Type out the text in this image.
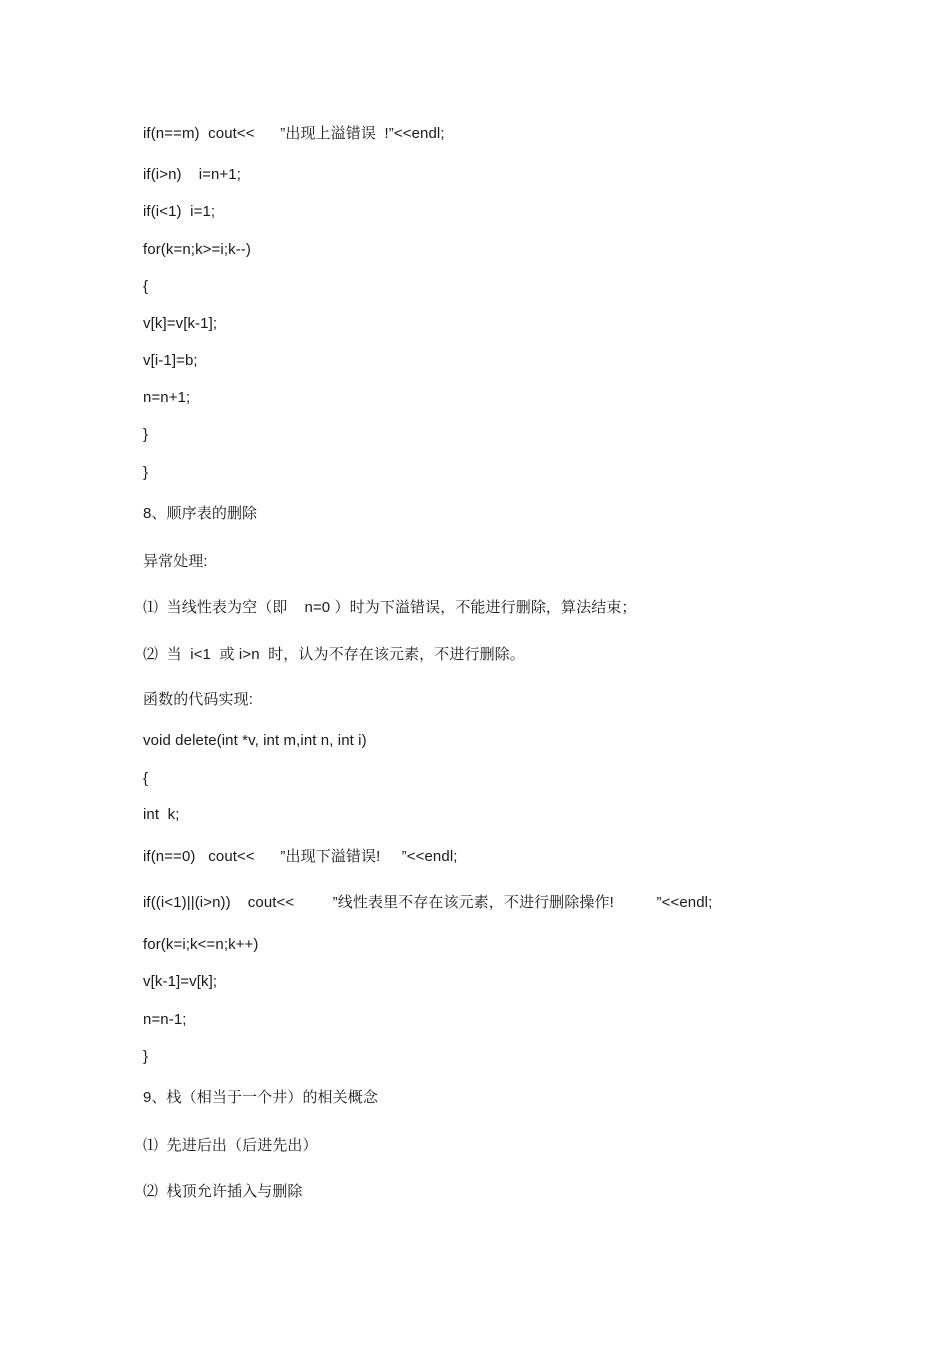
if(n==m)  cout<<      ”出现上溢错误  !”<<endl;
if(i>n)    i=n+1;
if(i<1)  i=1;
for(k=n;k>=i;k--)
{
v[k]=v[k-1];
v[i-1]=b;
n=n+1;
}
}
8、顺序表的删除
异常处理:
⑴  当线性表为空（即    n=0 ）时为下溢错误，不能进行删除，算法结束；
⑵  当  i<1  或 i>n  时，认为不存在该元素，不进行删除。
函数的代码实现:
void delete(int *v, int m,int n, int i)
{
int  k;
if(n==0)   cout<<      ”出现下溢错误!     ”<<endl;
if((i<1)||(i>n))    cout<<         ”线性表里不存在该元素，不进行删除操作!          ”<<endl;
for(k=i;k<=n;k++)
v[k-1]=v[k];
n=n-1;
}
9、栈（相当于一个井）的相关概念
⑴  先进后出（后进先出）
⑵  栈顶允许插入与删除
